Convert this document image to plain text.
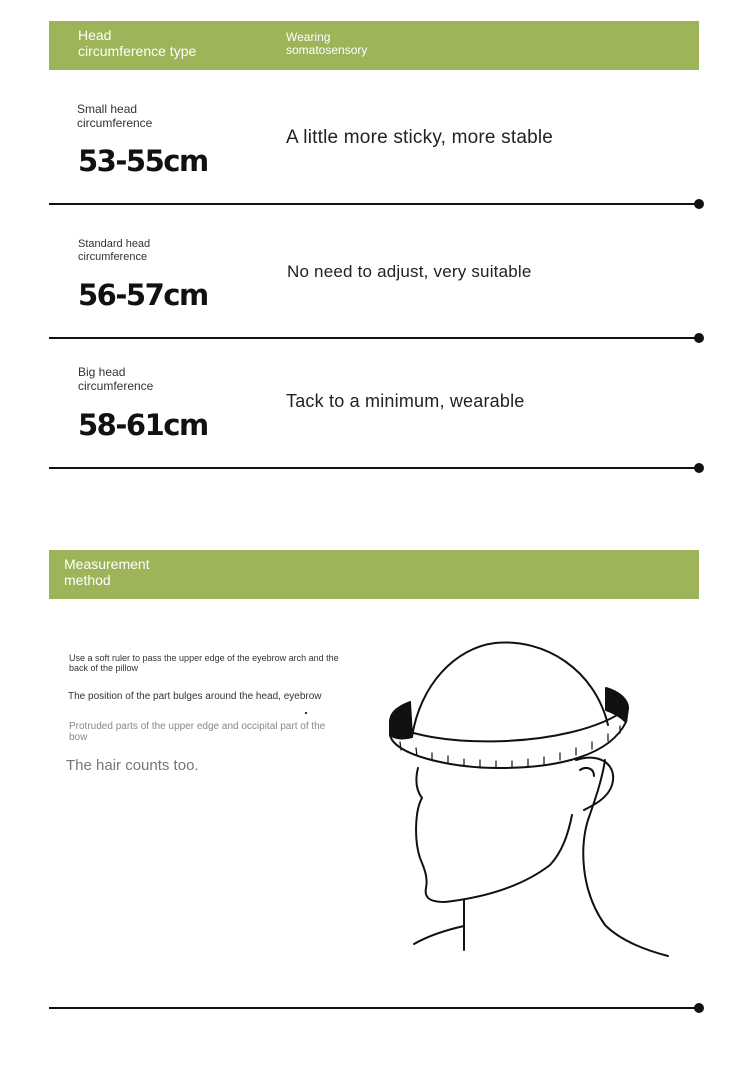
Head
circumference type
Wearing
somatosensory
Small head
circumference
53-55cm
A little more sticky, more stable
Standard head
circumference
56-57cm
No need to adjust, very suitable
Big head
circumference
58-61cm
Tack to a minimum, wearable
Measurement
method
Use a soft ruler to pass the upper edge of the eyebrow arch and the back of the pillow
The position of the part bulges around the head, eyebrow
Protruded parts of the upper edge and occipital part of the bow
The hair counts too.
